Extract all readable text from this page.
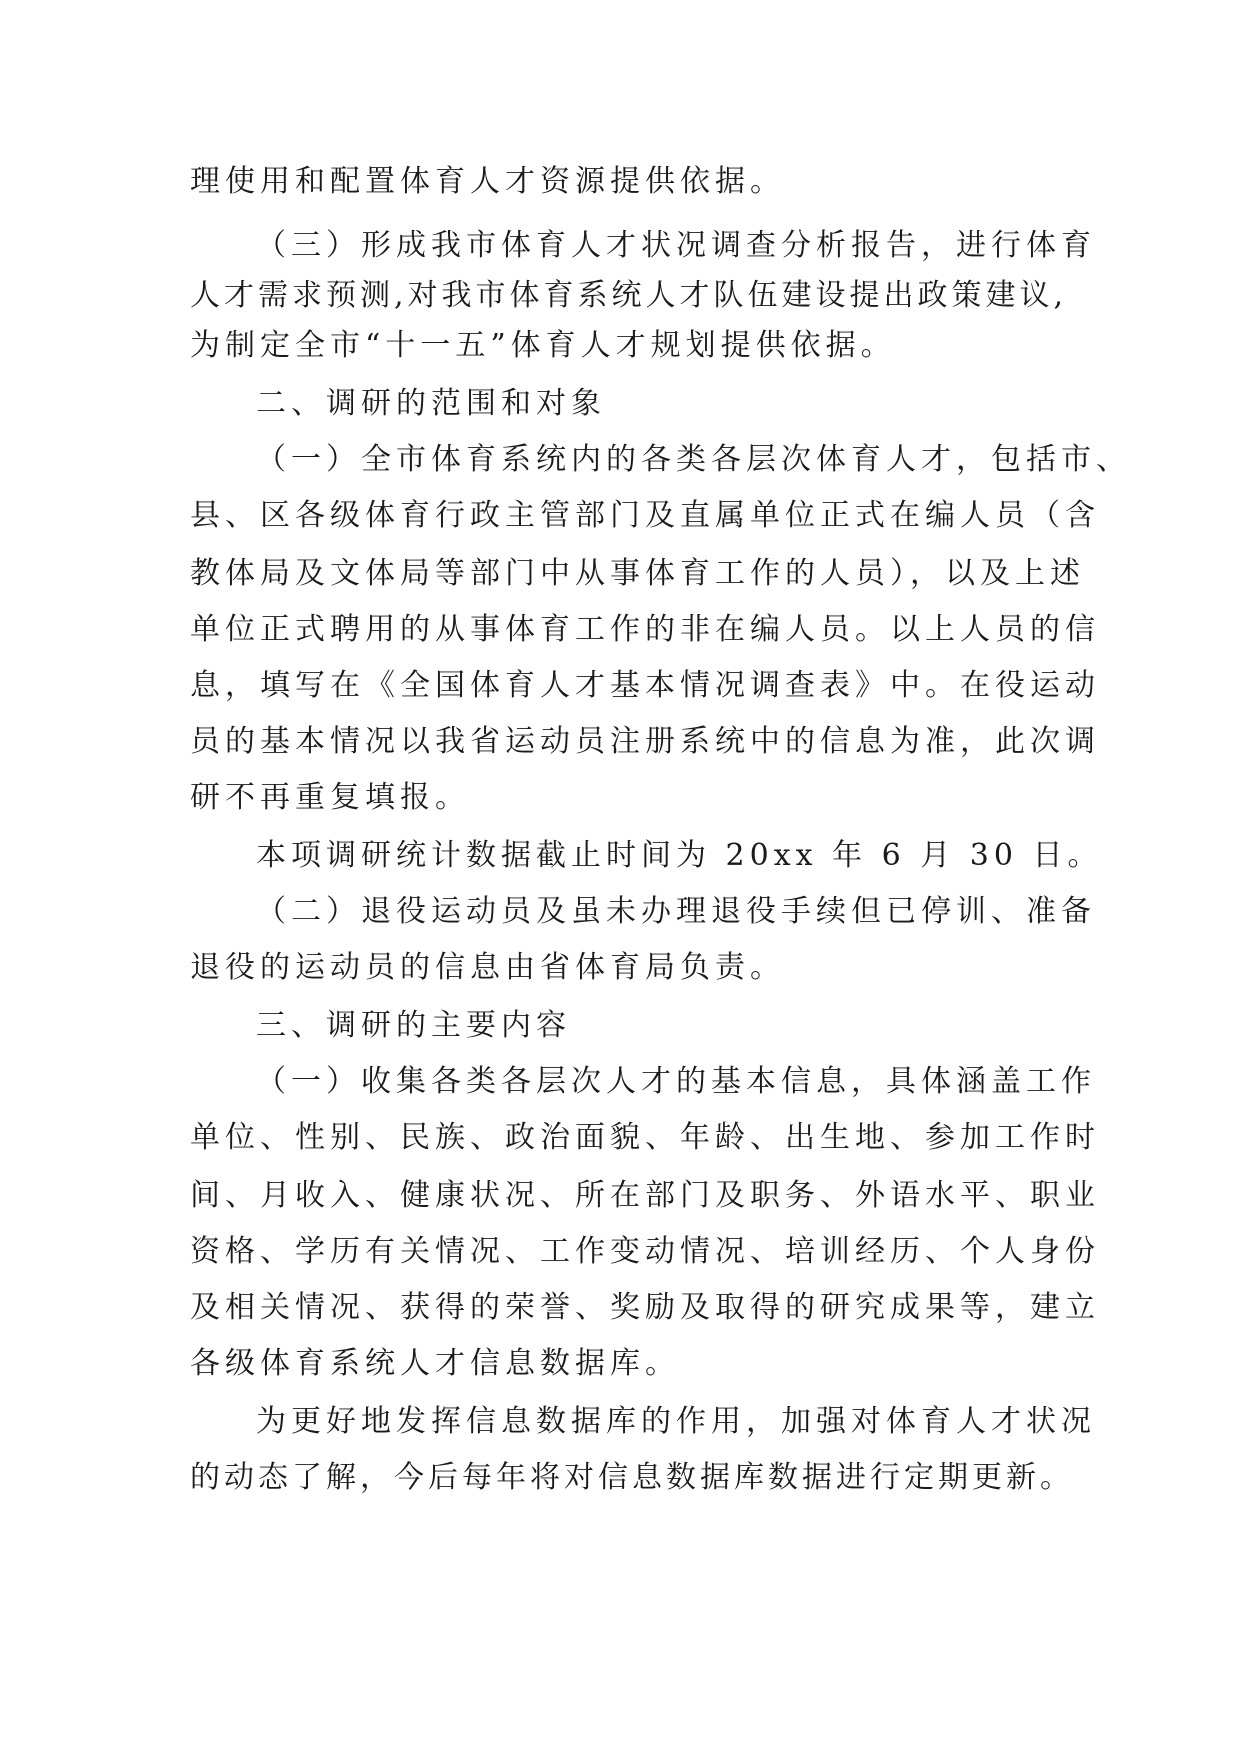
理使用和配置体育人才资源提供依据。
（三）形成我市体育人才状况调查分析报告，进行体育
人才需求预测,对我市体育系统人才队伍建设提出政策建议,
为制定全市“十一五”体育人才规划提供依据。
二、调研的范围和对象
（一）全市体育系统内的各类各层次体育人才，包括市、
县、区各级体育行政主管部门及直属单位正式在编人员（含
教体局及文体局等部门中从事体育工作的人员），以及上述
单位正式聘用的从事体育工作的非在编人员。以上人员的信
息，填写在《全国体育人才基本情况调查表》中。在役运动
员的基本情况以我省运动员注册系统中的信息为准，此次调
研不再重复填报。
本项调研统计数据截止时间为 20xx 年 6 月 30 日。
（二）退役运动员及虽未办理退役手续但已停训、准备
退役的运动员的信息由省体育局负责。
三、调研的主要内容
（一）收集各类各层次人才的基本信息，具体涵盖工作
单位、性别、民族、政治面貌、年龄、出生地、参加工作时
间、月收入、健康状况、所在部门及职务、外语水平、职业
资格、学历有关情况、工作变动情况、培训经历、个人身份
及相关情况、获得的荣誉、奖励及取得的研究成果等，建立
各级体育系统人才信息数据库。
为更好地发挥信息数据库的作用，加强对体育人才状况
的动态了解，今后每年将对信息数据库数据进行定期更新。
